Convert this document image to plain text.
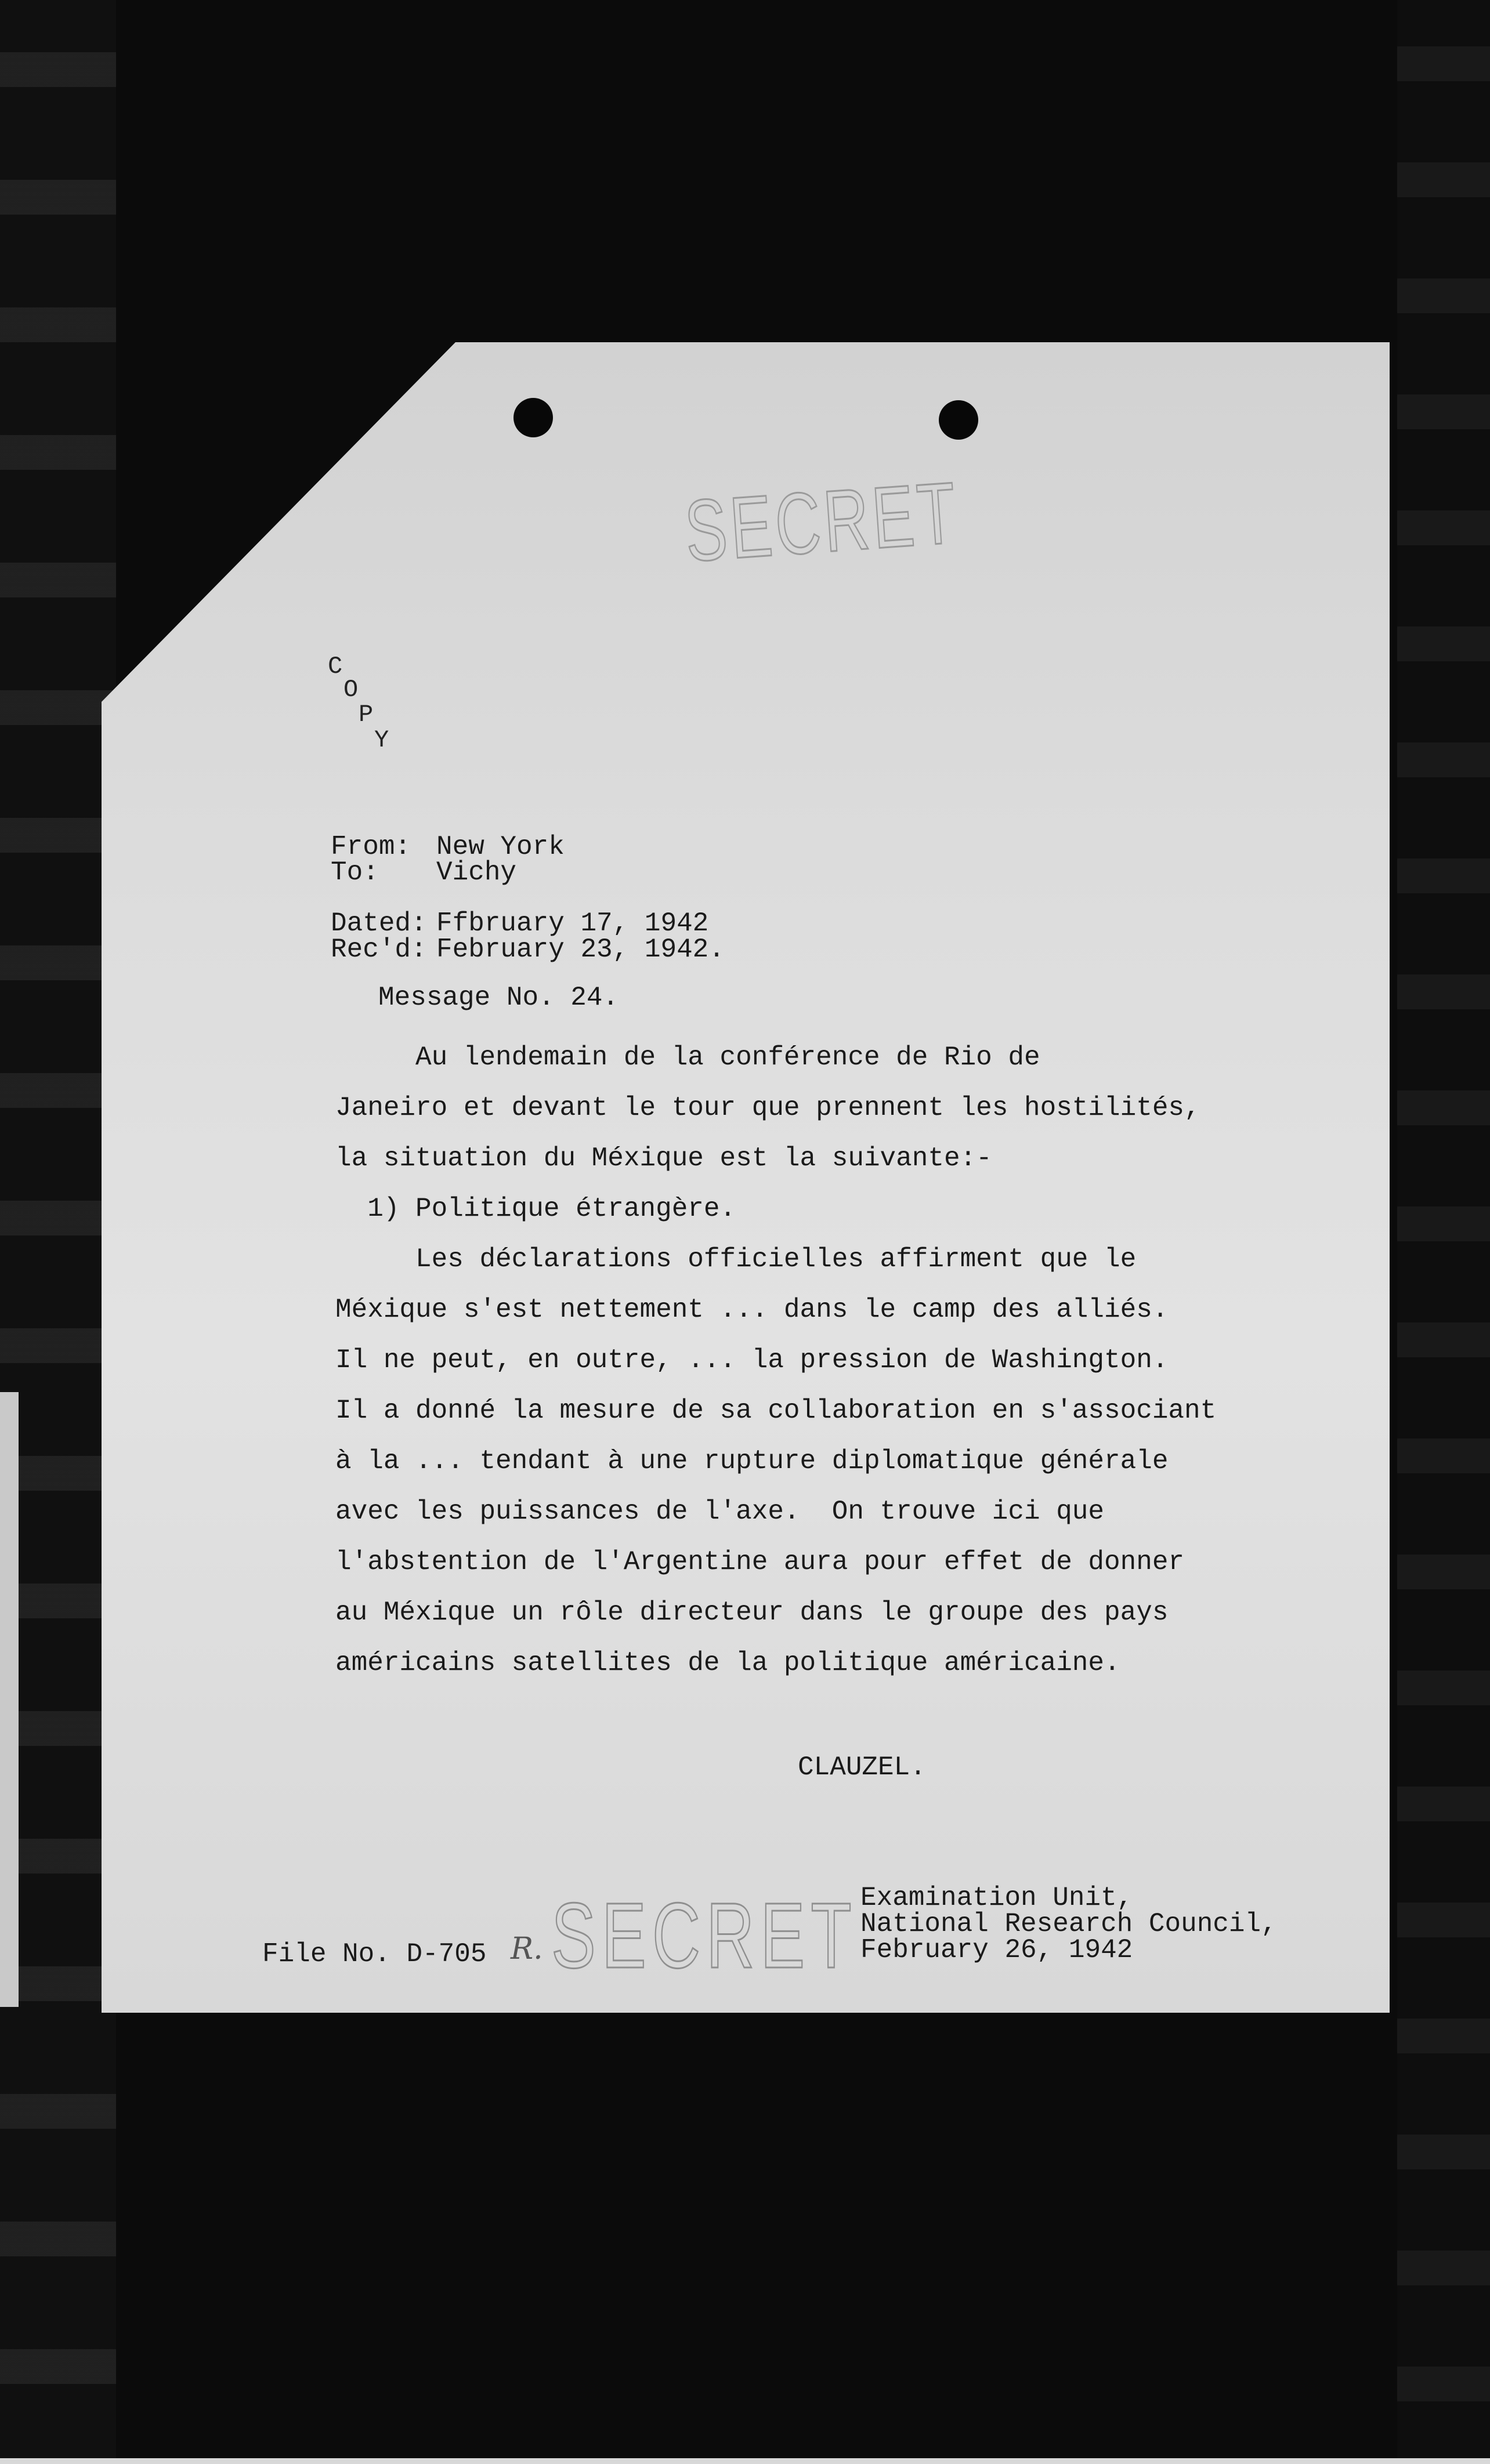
SECRET
C
O
P
Y
From: New York
To: Vichy
Dated: Ffbruary 17, 1942
Rec'd: February 23, 1942.
Message No. 24.
Au lendemain de la conférence de Rio de
Janeiro et devant le tour que prennent les hostilités,
la situation du Méxique est la suivante:-
1) Politique étrangère.
Les déclarations officielles affirment que le
Méxique s'est nettement ... dans le camp des alliés.
Il ne peut, en outre, ... la pression de Washington.
Il a donné la mesure de sa collaboration en s'associant
à la ... tendant à une rupture diplomatique générale
avec les puissances de l'axe.  On trouve ici que
l'abstention de l'Argentine aura pour effet de donner
au Méxique un rôle directeur dans le groupe des pays
américains satellites de la politique américaine.
CLAUZEL.
File No. D-705 R. SECRET Examination Unit,
National Research Council,
February 26, 1942
